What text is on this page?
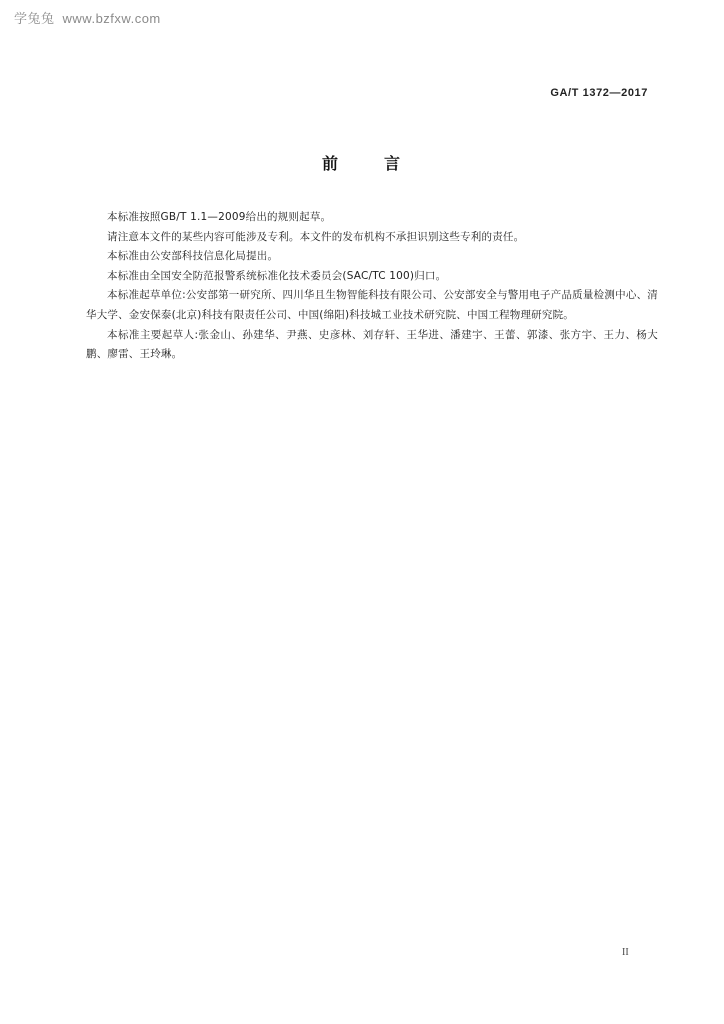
学兔兔 www.bzfxw.com
GA/T 1372—2017
前	言

本标准按照GB/T 1.1—2009给出的规则起草。

请注意本文件的某些内容可能涉及专利。本文件的发布机构不承担识别这些专利的责任。

本标准由公安部科技信息化局提出。

本标准由全国安全防范报警系统标准化技术委员会(SAC/TC 100)归口。

本标准起草单位:公安部第一研究所、四川华且生物智能科技有限公司、公安部安全与警用电子产品质量检测中心、清华大学、金安保泰(北京)科技有限责任公司、中国(绵阳)科技城工业技术研究院、中国工程物理研究院。

本标准主要起草人:张金山、孙建华、尹燕、史彦林、刘存轩、王华进、潘建宇、王蕾、郭漆、张方宇、王力、杨大鹏、廖雷、王玲琳。

II
